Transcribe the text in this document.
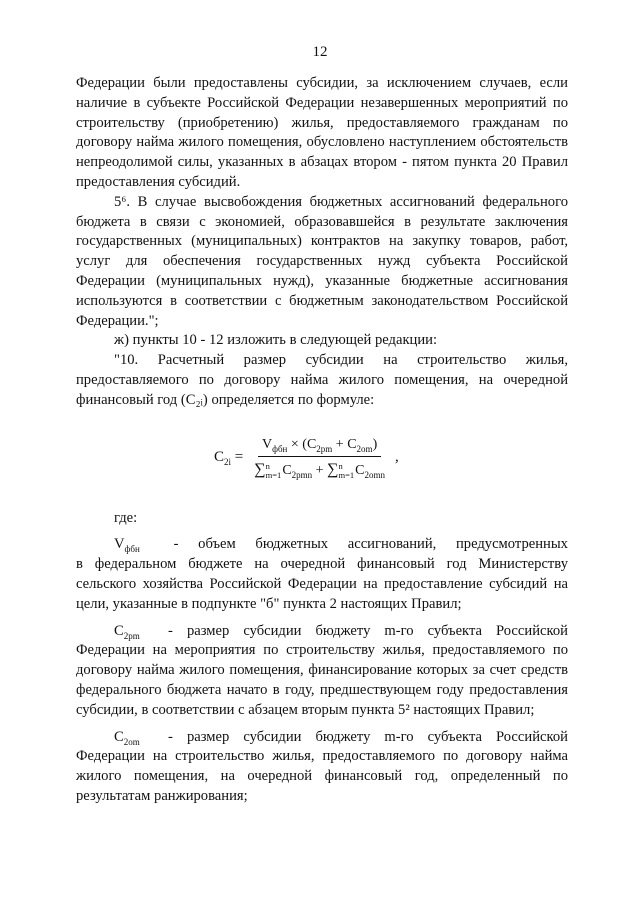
12

Федерации были предоставлены субсидии, за исключением случаев, если наличие в субъекте Российской Федерации незавершенных мероприятий по строительству (приобретению) жилья, предоставляемого гражданам по договору найма жилого помещения, обусловлено наступлением обстоятельств непреодолимой силы, указанных в абзацах втором - пятом пункта 20 Правил предоставления субсидий.

5⁶. В случае высвобождения бюджетных ассигнований федерального бюджета в связи с экономией, образовавшейся в результате заключения государственных (муниципальных) контрактов на закупку товаров, работ, услуг для обеспечения государственных нужд субъекта Российской Федерации (муниципальных нужд), указанные бюджетные ассигнования используются в соответствии с бюджетным законодательством Российской Федерации.";

ж) пункты 10 - 12 изложить в следующей редакции:

"10. Расчетный размер субсидии на строительство жилья, предоставляемого по договору найма жилого помещения, на очередной финансовый год (C₂ᵢ) определяется по формуле:

$C_{2i} = V_{фбн} \times (C_{2pm} + C_{2om})$
∑ n
m=1 $C_{2pmn}$ + ∑ n
m=1 $C_{2omn}$ ,

где:

$V_{фбн}$	- объем бюджетных ассигнований, предусмотренных

в федеральном бюджете на очередной финансовый год Министерству сельского хозяйства Российской Федерации на предоставление субсидий на цели, указанные в подпункте "б" пункта 2 настоящих Правил;

$C_{2pm}$	- размер субсидии бюджету m-го субъекта Российской

Федерации на мероприятия по строительству жилья, предоставляемого по договору найма жилого помещения, финансирование которых за счет средств федерального бюджета начато в году, предшествующем году предоставления субсидии, в соответствии с абзацем вторым пункта 5² настоящих Правил;

$C_{2om}$	- размер субсидии бюджету m-го субъекта Российской

Федерации на строительство жилья, предоставляемого по договору найма жилого помещения, на очередной финансовый год, определенный по результатам ранжирования;
